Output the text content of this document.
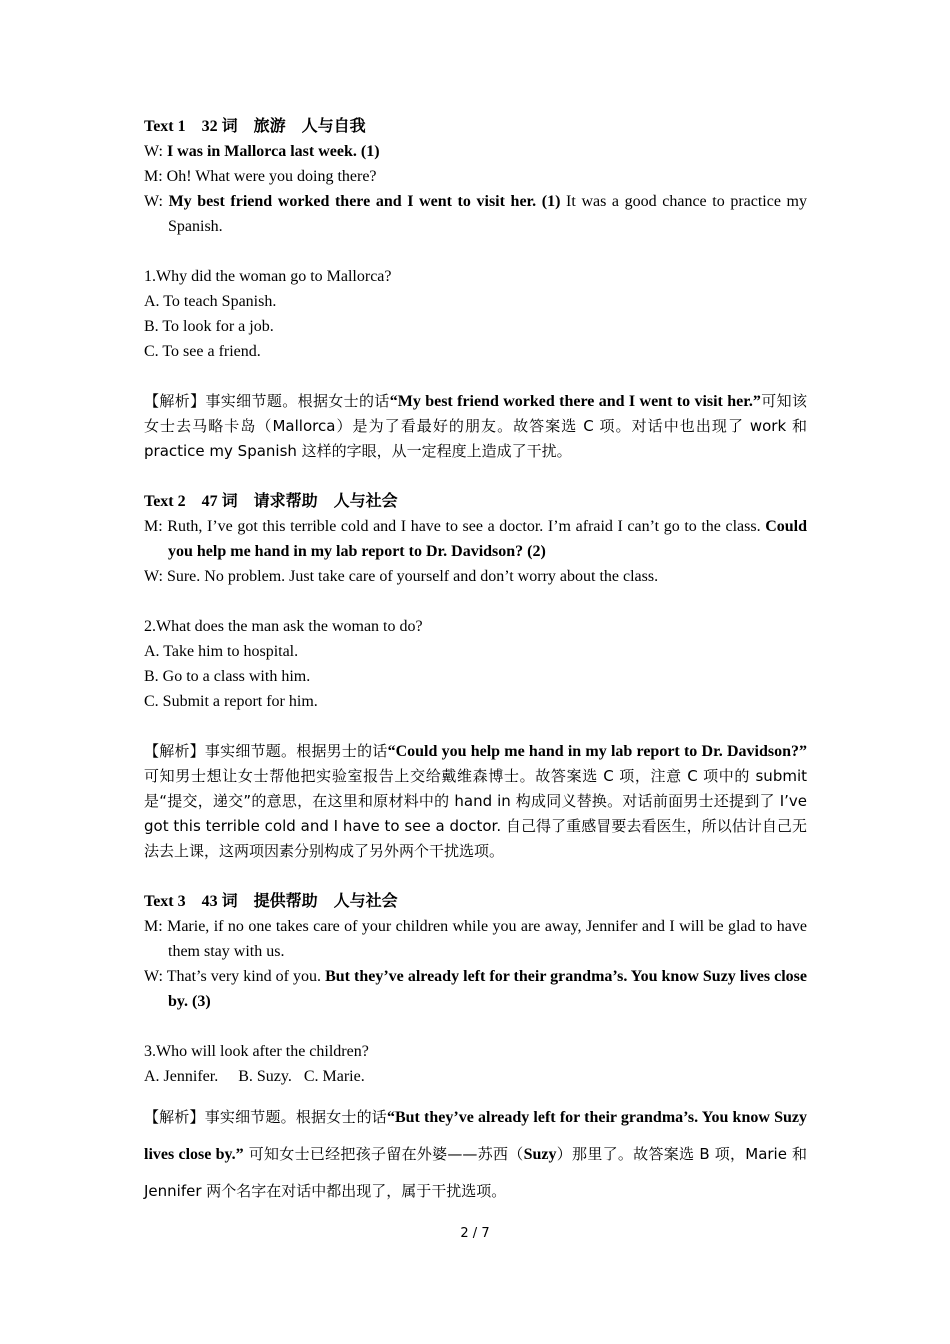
Text 1    32 词    旅游    人与自我
W: I was in Mallorca last week. (1)
M: Oh! What were you doing there?
W: My best friend worked there and I went to visit her. (1) It was a good chance to practice my Spanish.
1.Why did the woman go to Mallorca?
A. To teach Spanish.
B. To look for a job.
C. To see a friend.
【解析】事实细节题。根据女士的话“My best friend worked there and I went to visit her.”可知该女士去马略卡岛（Mallorca）是为了看最好的朋友。故答案选 C 项。对话中也出现了 work 和 practice my Spanish 这样的字眼，从一定程度上造成了干扰。
Text 2    47 词    请求帮助    人与社会
M: Ruth, I’ve got this terrible cold and I have to see a doctor. I’m afraid I can’t go to the class. Could you help me hand in my lab report to Dr. Davidson? (2)
W: Sure. No problem. Just take care of yourself and don’t worry about the class.
2.What does the man ask the woman to do?
A. Take him to hospital.
B. Go to a class with him.
C. Submit a report for him.
【解析】事实细节题。根据男士的话“Could you help me hand in my lab report to Dr. Davidson?” 可知男士想让女士帮他把实验室报告上交给戴维森博士。故答案选 C 项，注意 C 项中的 submit 是“提交，递交”的意思，在这里和原材料中的 hand in 构成同义替换。对话前面男士还提到了 I’ve got this terrible cold and I have to see a doctor. 自己得了重感冒要去看医生，所以估计自己无法去上课，这两项因素分别构成了另外两个干扰选项。
Text 3    43 词    提供帮助    人与社会
M: Marie, if no one takes care of your children while you are away, Jennifer and I will be glad to have them stay with us.
W: That’s very kind of you. But they’ve already left for their grandma’s. You know Suzy lives close by. (3)
3.Who will look after the children?
A. Jennifer.     B. Suzy.   C. Marie.
【解析】事实细节题。根据女士的话“But they’ve already left for their grandma’s. You know Suzy lives close by.” 可知女士已经把孩子留在外婆——苏西（Suzy）那里了。故答案选 B 项，Marie 和 Jennifer 两个名字在对话中都出现了，属于干扰选项。
2 / 7
